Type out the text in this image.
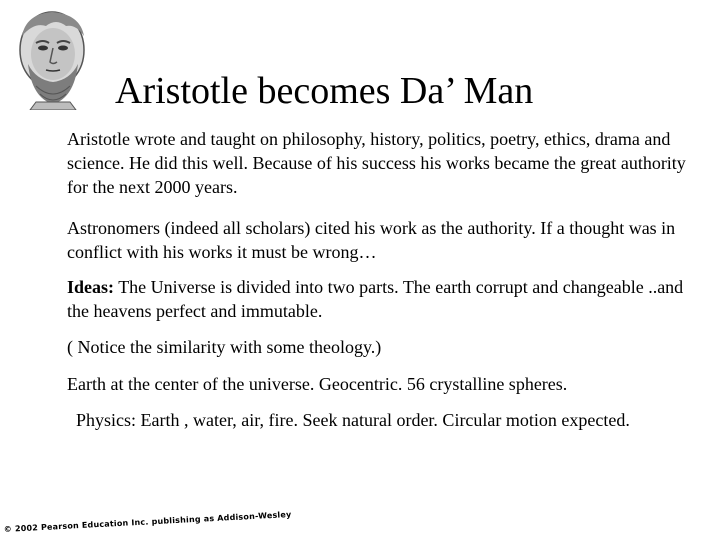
Aristotle becomes Da’ Man

Aristotle wrote and taught on philosophy, history, politics, poetry, ethics, drama and science. He did this well. Because of his success his works became the great authority for the next 2000 years.

Astronomers (indeed all scholars) cited his work as the authority. If a thought was in conflict with his works it must be wrong…

Ideas: The Universe is divided into two parts. The earth corrupt and changeable ..and the heavens perfect and immutable.

( Notice the similarity with some theology.)

Earth at the center of the universe. Geocentric. 56 crystalline spheres.

Physics: Earth , water, air, fire. Seek natural order. Circular motion expected.

© 2002 Pearson Education Inc. publishing as Addison-Wesley
